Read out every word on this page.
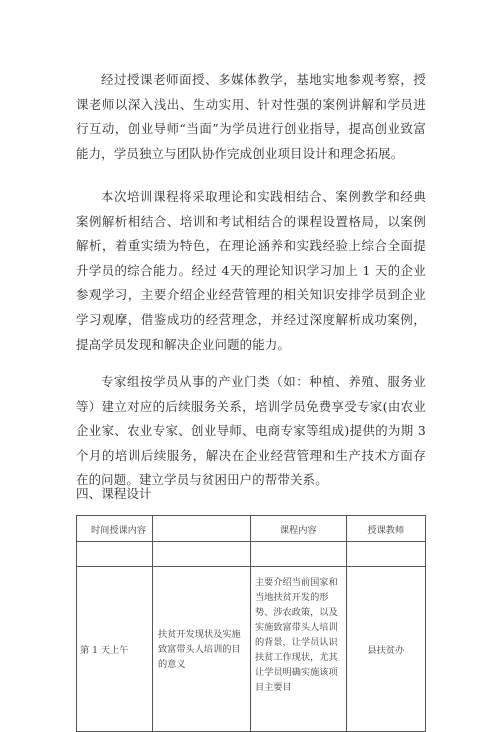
经过授课老师面授、多媒体教学，基地实地参观考察，授课老师以深入浅出、生动实用、针对性强的案例讲解和学员进行互动，创业导师“当面”为学员进行创业指导，提高创业致富能力，学员独立与团队协作完成创业项目设计和理念拓展。

本次培训课程将采取理论和实践相结合、案例教学和经典案例解析相结合、培训和考试相结合的课程设置格局，以案例解析，着重实绩为特色，在理论涵养和实践经验上综合全面提升学员的综合能力。经过 4天的理论知识学习加上 1 天的企业参观学习，主要介绍企业经营管理的相关知识安排学员到企业学习观摩，借鉴成功的经营理念，并经过深度解析成功案例，提高学员发现和解决企业问题的能力。

专家组按学员从事的产业门类（如：种植、养殖、服务业等）建立对应的后续服务关系，培训学员免费享受专家(由农业企业家、农业专家、创业导师、电商专家等组成)提供的为期 3 个月的培训后续服务，解决在企业经营管理和生产技术方面存在的问题。建立学员与贫困田户的帮带关系。

四、课程设计

时间授课内容		课程内容	授课教师

第 1 天上午	扶贫开发现状及实施致富带头人培训的目的意义	主要介绍当前国家和当地扶贫开发的形势、涉农政策，以及实施致富带头人培训的背景，让学员认识扶贫工作现状，尤其让学员明确实施该项目主要目	县扶贫办
